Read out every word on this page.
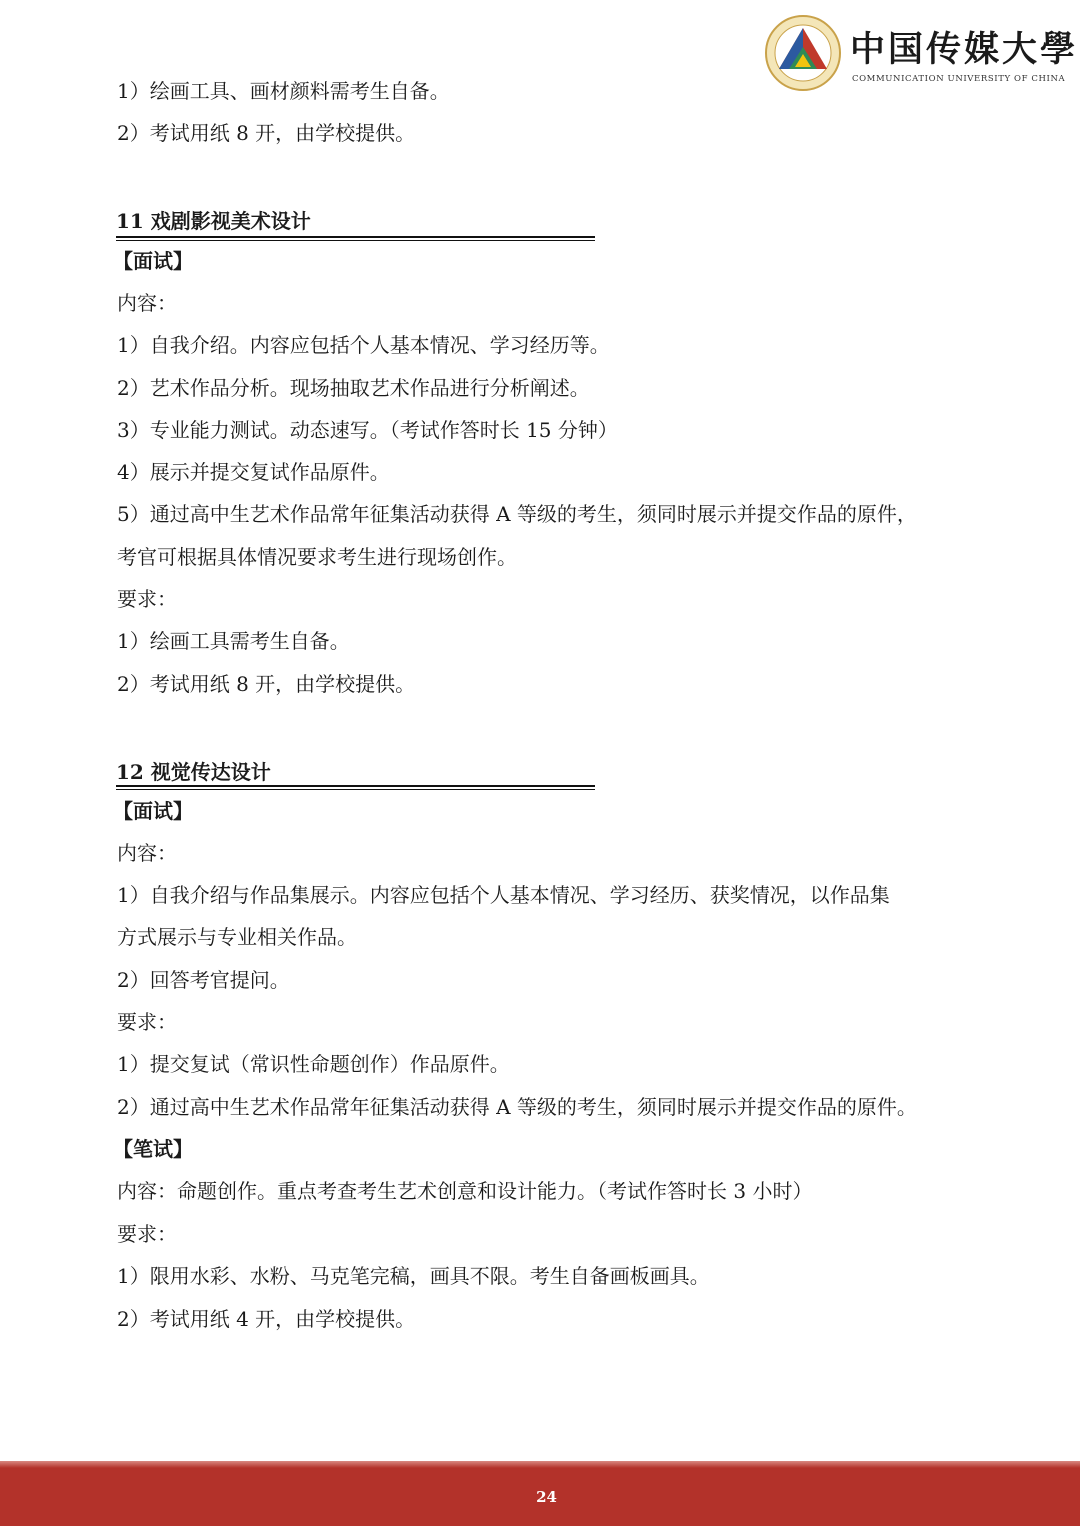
中国传媒大學
COMMUNICATION UNIVERSITY OF CHINA
1）绘画工具、画材颜料需考生自备。
2）考试用纸 8 开，由学校提供。
11 戏剧影视美术设计
【面试】
内容：
1）自我介绍。内容应包括个人基本情况、学习经历等。
2）艺术作品分析。现场抽取艺术作品进行分析阐述。
3）专业能力测试。动态速写。（考试作答时长 15 分钟）
4）展示并提交复试作品原件。
5）通过高中生艺术作品常年征集活动获得 A 等级的考生，须同时展示并提交作品的原件，
考官可根据具体情况要求考生进行现场创作。
要求：
1）绘画工具需考生自备。
2）考试用纸 8 开，由学校提供。
12 视觉传达设计
【面试】
内容：
1）自我介绍与作品集展示。内容应包括个人基本情况、学习经历、获奖情况，以作品集
方式展示与专业相关作品。
2）回答考官提问。
要求：
1）提交复试（常识性命题创作）作品原件。
2）通过高中生艺术作品常年征集活动获得 A 等级的考生，须同时展示并提交作品的原件。
【笔试】
内容：命题创作。重点考查考生艺术创意和设计能力。（考试作答时长 3 小时）
要求：
1）限用水彩、水粉、马克笔完稿，画具不限。考生自备画板画具。
2）考试用纸 4 开，由学校提供。
24
